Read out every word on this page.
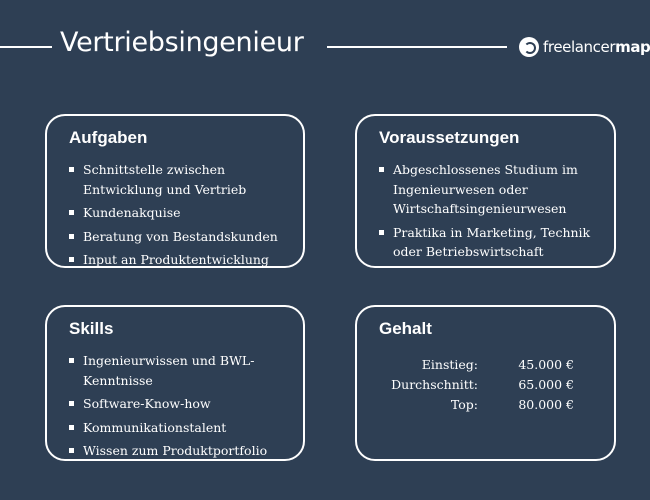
Vertriebsingenieur	freelancermap
Aufgaben
Schnittstelle zwischen Entwicklung und Vertrieb
Kundenakquise
Beratung von Bestandskunden
Input an Produktentwicklung
Voraussetzungen
Abgeschlossenes Studium im Ingenieurwesen oder Wirtschaftsingenieurwesen
Praktika in Marketing, Technik oder Betriebswirtschaft
Skills
Ingenieurwissen und BWL-Kenntnisse
Software-Know-how
Kommunikationstalent
Wissen zum Produktportfolio
Gehalt
Einstieg:	45.000 €
Durchschnitt:	65.000 €
Top:	80.000 €
